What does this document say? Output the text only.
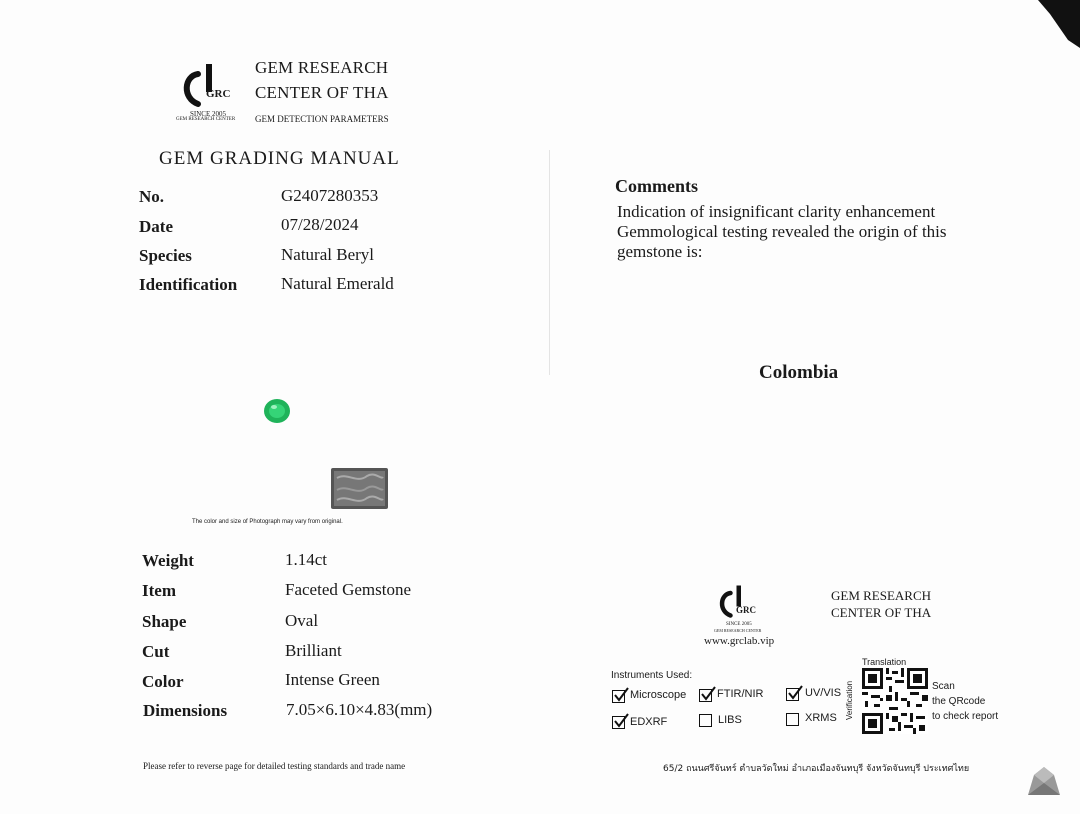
GRC
SINCE 2005
GEM RESEARCH CENTER
GEM RESEARCH
CENTER OF THA
GEM DETECTION PARAMETERS
GEM GRADING MANUAL
No.	G2407280353
Date	07/28/2024
Species	Natural Beryl
Identification	Natural Emerald
The color and size of Photograph may vary from original.
Weight	1.14ct
Item	Faceted Gemstone
Shape	Oval
Cut	Brilliant
Color	Intense Green
Dimensions	7.05×6.10×4.83(mm)
Please refer to reverse page for detailed testing standards and trade name
Comments
Indication of insignificant clarity enhancement Gemmological testing revealed the origin of this gemstone is:
Colombia
GRC
SINCE 2005
GEM RESEARCH CENTER
www.grclab.vip
GEM RESEARCH
CENTER OF THA
Instruments Used:
Microscope	FTIR/NIR	UV/VIS
EDXRF	LIBS	XRMS
Translation
Verification	Scan
the QRcode
to check report
65/2 ถนนศรีจันทร์ ตำบลวัดใหม่ อำเภอเมืองจันทบุรี จังหวัดจันทบุรี ประเทศไทย
